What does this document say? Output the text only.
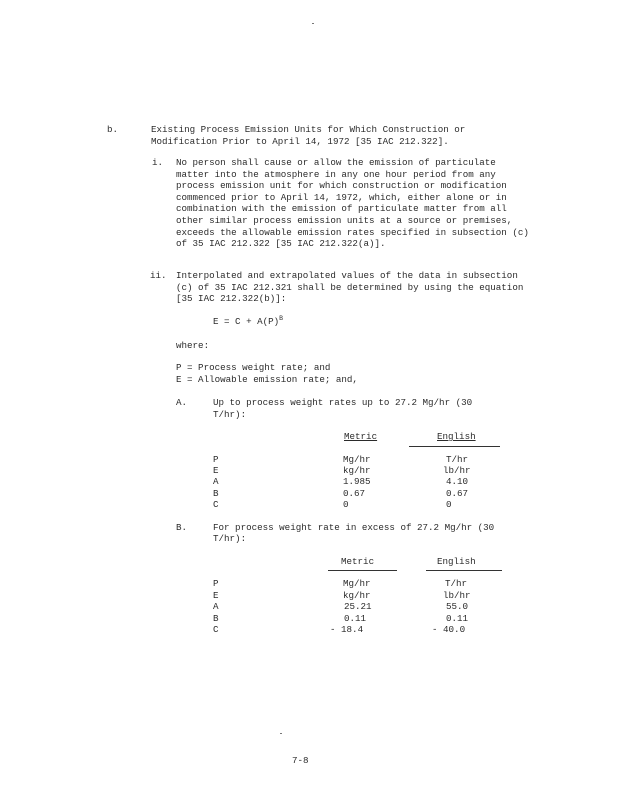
b.	Existing Process Emission Units for Which Construction or
Modification Prior to April 14, 1972 [35 IAC 212.322].
i. No person shall cause or allow the emission of particulate matter into the atmosphere in any one hour period from any process emission unit for which construction or modification commenced prior to April 14, 1972, which, either alone or in combination with the emission of particulate matter from all other similar process emission units at a source or premises, exceeds the allowable emission rates specified in subsection (c) of 35 IAC 212.322 [35 IAC 212.322(a)].
ii. Interpolated and extrapolated values of the data in subsection (c) of 35 IAC 212.321 shall be determined by using the equation [35 IAC 212.322(b)]:
$E = C + A(P)^B$
where:
P = Process weight rate; and
E = Allowable emission rate; and,
A.	Up to process weight rates up to 27.2 Mg/hr (30
T/hr):
Metric	English
P	Mg/hr	T/hr
E	kg/hr	lb/hr
A	1.985	4.10
B	0.67	0.67
C	0	0
B.	For process weight rate in excess of 27.2 Mg/hr (30
T/hr):
Metric	English
P	Mg/hr	T/hr
E	kg/hr	lb/hr
A	25.21	55.0
B	0.11	0.11
C	- 18.4	- 40.0
7-8
